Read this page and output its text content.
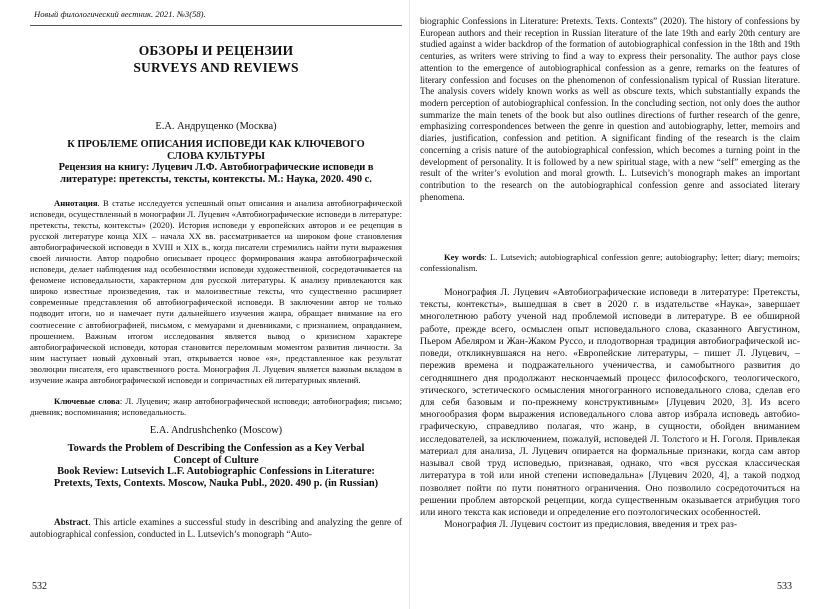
Новый филологический вестник. 2021. №3(58).
ОБЗОРЫ И РЕЦЕНЗИИ
SURVEYS AND REVIEWS
Е.А. Андрущенко (Москва)
К ПРОБЛЕМЕ ОПИСАНИЯ ИСПОВЕДИ КАК КЛЮЧЕВОГО
СЛОВА КУЛЬТУРЫ
Рецензия на книгу: Луцевич Л.Ф. Автобиографические исповеди в
литературе: претексты, тексты, контексты. М.: Наука, 2020. 490 с.
Аннотация. В статье исследуется успешный опыт описания и анализа автобиографической исповеди, осуществленный в монографии Л. Луцевич «Автобиографические исповеди в литературе: претексты, тексты, контексты» (2020). История исповеди у европейских авторов и ее рецепция в русской литературе конца XIX – начала XX вв. рассматривается на широком фоне становления автобиографической исповеди в XVIII и XIX в., когда писатели стремились найти пути выражения своей личности. Автор подробно описывает процесс формирования жанра автобиографической исповеди, делает наблюдения над особенностями исповеди художественной, сосредотачивается на феномене исповедальности, характерном для русской литературы. К анализу привлекаются как широко известные произведения, так и малоизвестные тексты, что существенно расширяет современные представления об автобиографической исповеди. В заключении автор не только подводит итоги, но и намечает пути дальнейшего изучения жанра, обращает внимание на его соотнесение с автобиографией, письмом, с мемуарами и дневниками, с признанием, оправданием, прошением. Важным итогом исследования является вывод о кризисном характере автобиографической исповеди, которая становится переломным моментом развития личности. За ним наступает новый духовный этап, открывается новое «я», представленное как результат эволюции писателя, его нравственного роста. Монография Л. Луцевич является важным вкладом в изучение жанра автобиографической исповеди и сопричастных ей литературных явлений.
Ключевые слова: Л. Луцевич; жанр автобиографической исповеди; автобиография; письмо; дневник; воспоминания; исповедальность.
E.A. Andrushchenko (Moscow)
Towards the Problem of Describing the Confession as a Key Verbal
Concept of Culture
Book Review: Lutsevich L.F. Autobiographic Confessions in Literature:
Pretexts, Texts, Contexts. Moscow, Nauka Publ., 2020. 490 p. (in Russian)
Abstract. This article examines a successful study in describing and analyzing the genre of autobiographical confession, conducted in L. Lutsevich’s monograph “Auto-
532
biographic Confessions in Literature: Pretexts. Texts. Contexts” (2020). The history of confessions by European authors and their reception in Russian literature of the late 19th and early 20th century are studied against a wider backdrop of the formation of autobiographical confession in the 18th and 19th centuries, as writers were striving to find a way to express their personality. The author pays close attention to the emergence of autobiographical confession as a genre, remarks on the features of literary confession and focuses on the phenomenon of confessionalism typical of Russian literature. The analysis covers widely known works as well as obscure texts, which substantially expands the modern perception of autobiographical confession. In the concluding section, not only does the author summarize the main tenets of the book but also outlines directions of further research of the genre, emphasizing correspondences between the genre in question and autobiography, letter, memoirs and diaries, justification, confession and petition. A significant finding of the research is the claim concerning a crisis nature of the autobiographical confession, which becomes a turning point in the development of personality. It is followed by a new spiritual stage, with a new “self” emerging as the result of the writer’s evolution and moral growth. L. Lutsevich’s monograph makes an important contribution to the research on the autobiographical confession genre and associated literary phenomena.
Key words: L. Lutsevich; autobiographical confession genre; autobiography; letter; diary; memoirs; confessionalism.

Монография Л. Луцевич «Автобиографические исповеди в литературе: Претексты, тексты, контексты», вышедшая в свет в 2020 г. в издательстве «Наука», завершает многолетнюю работу ученой над проблемой исповеди в литературе. В ее обширной работе, прежде всего, осмыслен опыт исповедального слова, сказанного Августином, Пьером Абеляром и Жан-Жаком Руссо, и плодотворная традиция автобиографической исповеди, откликнувшаяся на него. «Европейские литературы, – пишет Л. Луцевич, – пережив времена и подражательного ученичества, и самобытного развития до сегодняшнего дня продолжают нескончаемый процесс философского, теологического, этического, эстетического осмысления многогранного исповедального слова, сделав его для себя базовым и по-прежнему конструктивным» [Луцевич 2020, 3]. Из всего многообразия форм выражения исповедального слова автор избрала исповедь автобиографическую, справедливо полагая, что жанр, в сущности, обойден вниманием исследователей, за исключением, пожалуй, исповедей Л. Толстого и Н. Гоголя. Привлекая материал для анализа, Л. Луцевич опирается на формальные признаки, когда сам автор называл свой труд исповедью, признавая, однако, что «вся русская классическая литература в той или иной степени исповедальна» [Луцевич 2020, 4], а такой подход позволяет пойти по пути понятного ограничения. Оно позволило сосредоточиться на решении проблем авторской рецепции, когда существенным оказывается атрибуция того или иного текста как исповеди и определение его поэтологических особенностей.

Монография Л. Луцевич состоит из предисловия, введения и трех раз-

533
